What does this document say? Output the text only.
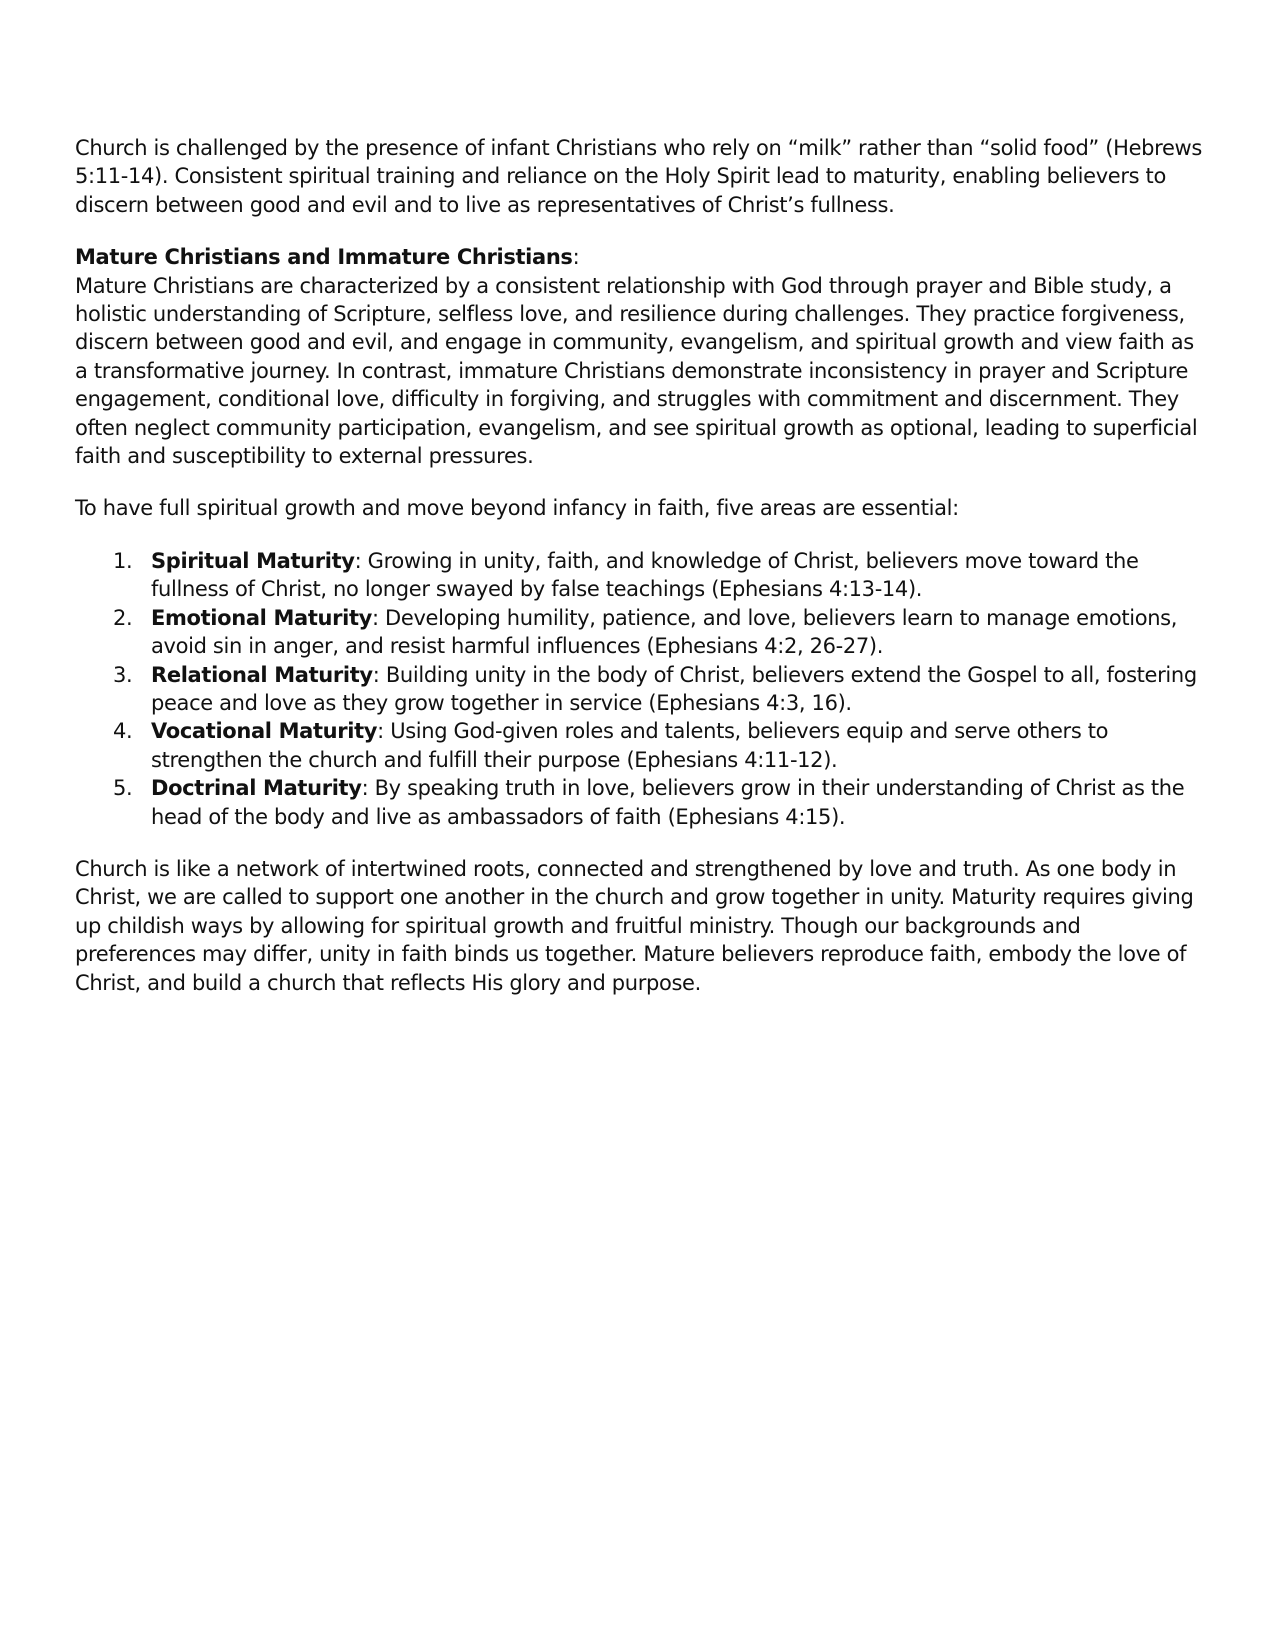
Church is challenged by the presence of infant Christians who rely on “milk” rather than “solid food” (Hebrews 5:11-14). Consistent spiritual training and reliance on the Holy Spirit lead to maturity, enabling believers to discern between good and evil and to live as representatives of Christ’s fullness.

Mature Christians and Immature Christians:

Mature Christians are characterized by a consistent relationship with God through prayer and Bible study, a holistic understanding of Scripture, selfless love, and resilience during challenges. They practice forgiveness, discern between good and evil, and engage in community, evangelism, and spiritual growth and view faith as a transformative journey. In contrast, immature Christians demonstrate inconsistency in prayer and Scripture engagement, conditional love, difficulty in forgiving, and struggles with commitment and discernment. They often neglect community participation, evangelism, and see spiritual growth as optional, leading to superficial faith and susceptibility to external pressures.

To have full spiritual growth and move beyond infancy in faith, five areas are essential:

1. Spiritual Maturity: Growing in unity, faith, and knowledge of Christ, believers move toward the fullness of Christ, no longer swayed by false teachings (Ephesians 4:13-14).
2. Emotional Maturity: Developing humility, patience, and love, believers learn to manage emotions, avoid sin in anger, and resist harmful influences (Ephesians 4:2, 26-27).
3. Relational Maturity: Building unity in the body of Christ, believers extend the Gospel to all, fostering peace and love as they grow together in service (Ephesians 4:3, 16).
4. Vocational Maturity: Using God-given roles and talents, believers equip and serve others to strengthen the church and fulfill their purpose (Ephesians 4:11-12).
5. Doctrinal Maturity: By speaking truth in love, believers grow in their understanding of Christ as the head of the body and live as ambassadors of faith (Ephesians 4:15).

Church is like a network of intertwined roots, connected and strengthened by love and truth. As one body in Christ, we are called to support one another in the church and grow together in unity. Maturity requires giving up childish ways by allowing for spiritual growth and fruitful ministry. Though our backgrounds and preferences may differ, unity in faith binds us together. Mature believers reproduce faith, embody the love of Christ, and build a church that reflects His glory and purpose.
